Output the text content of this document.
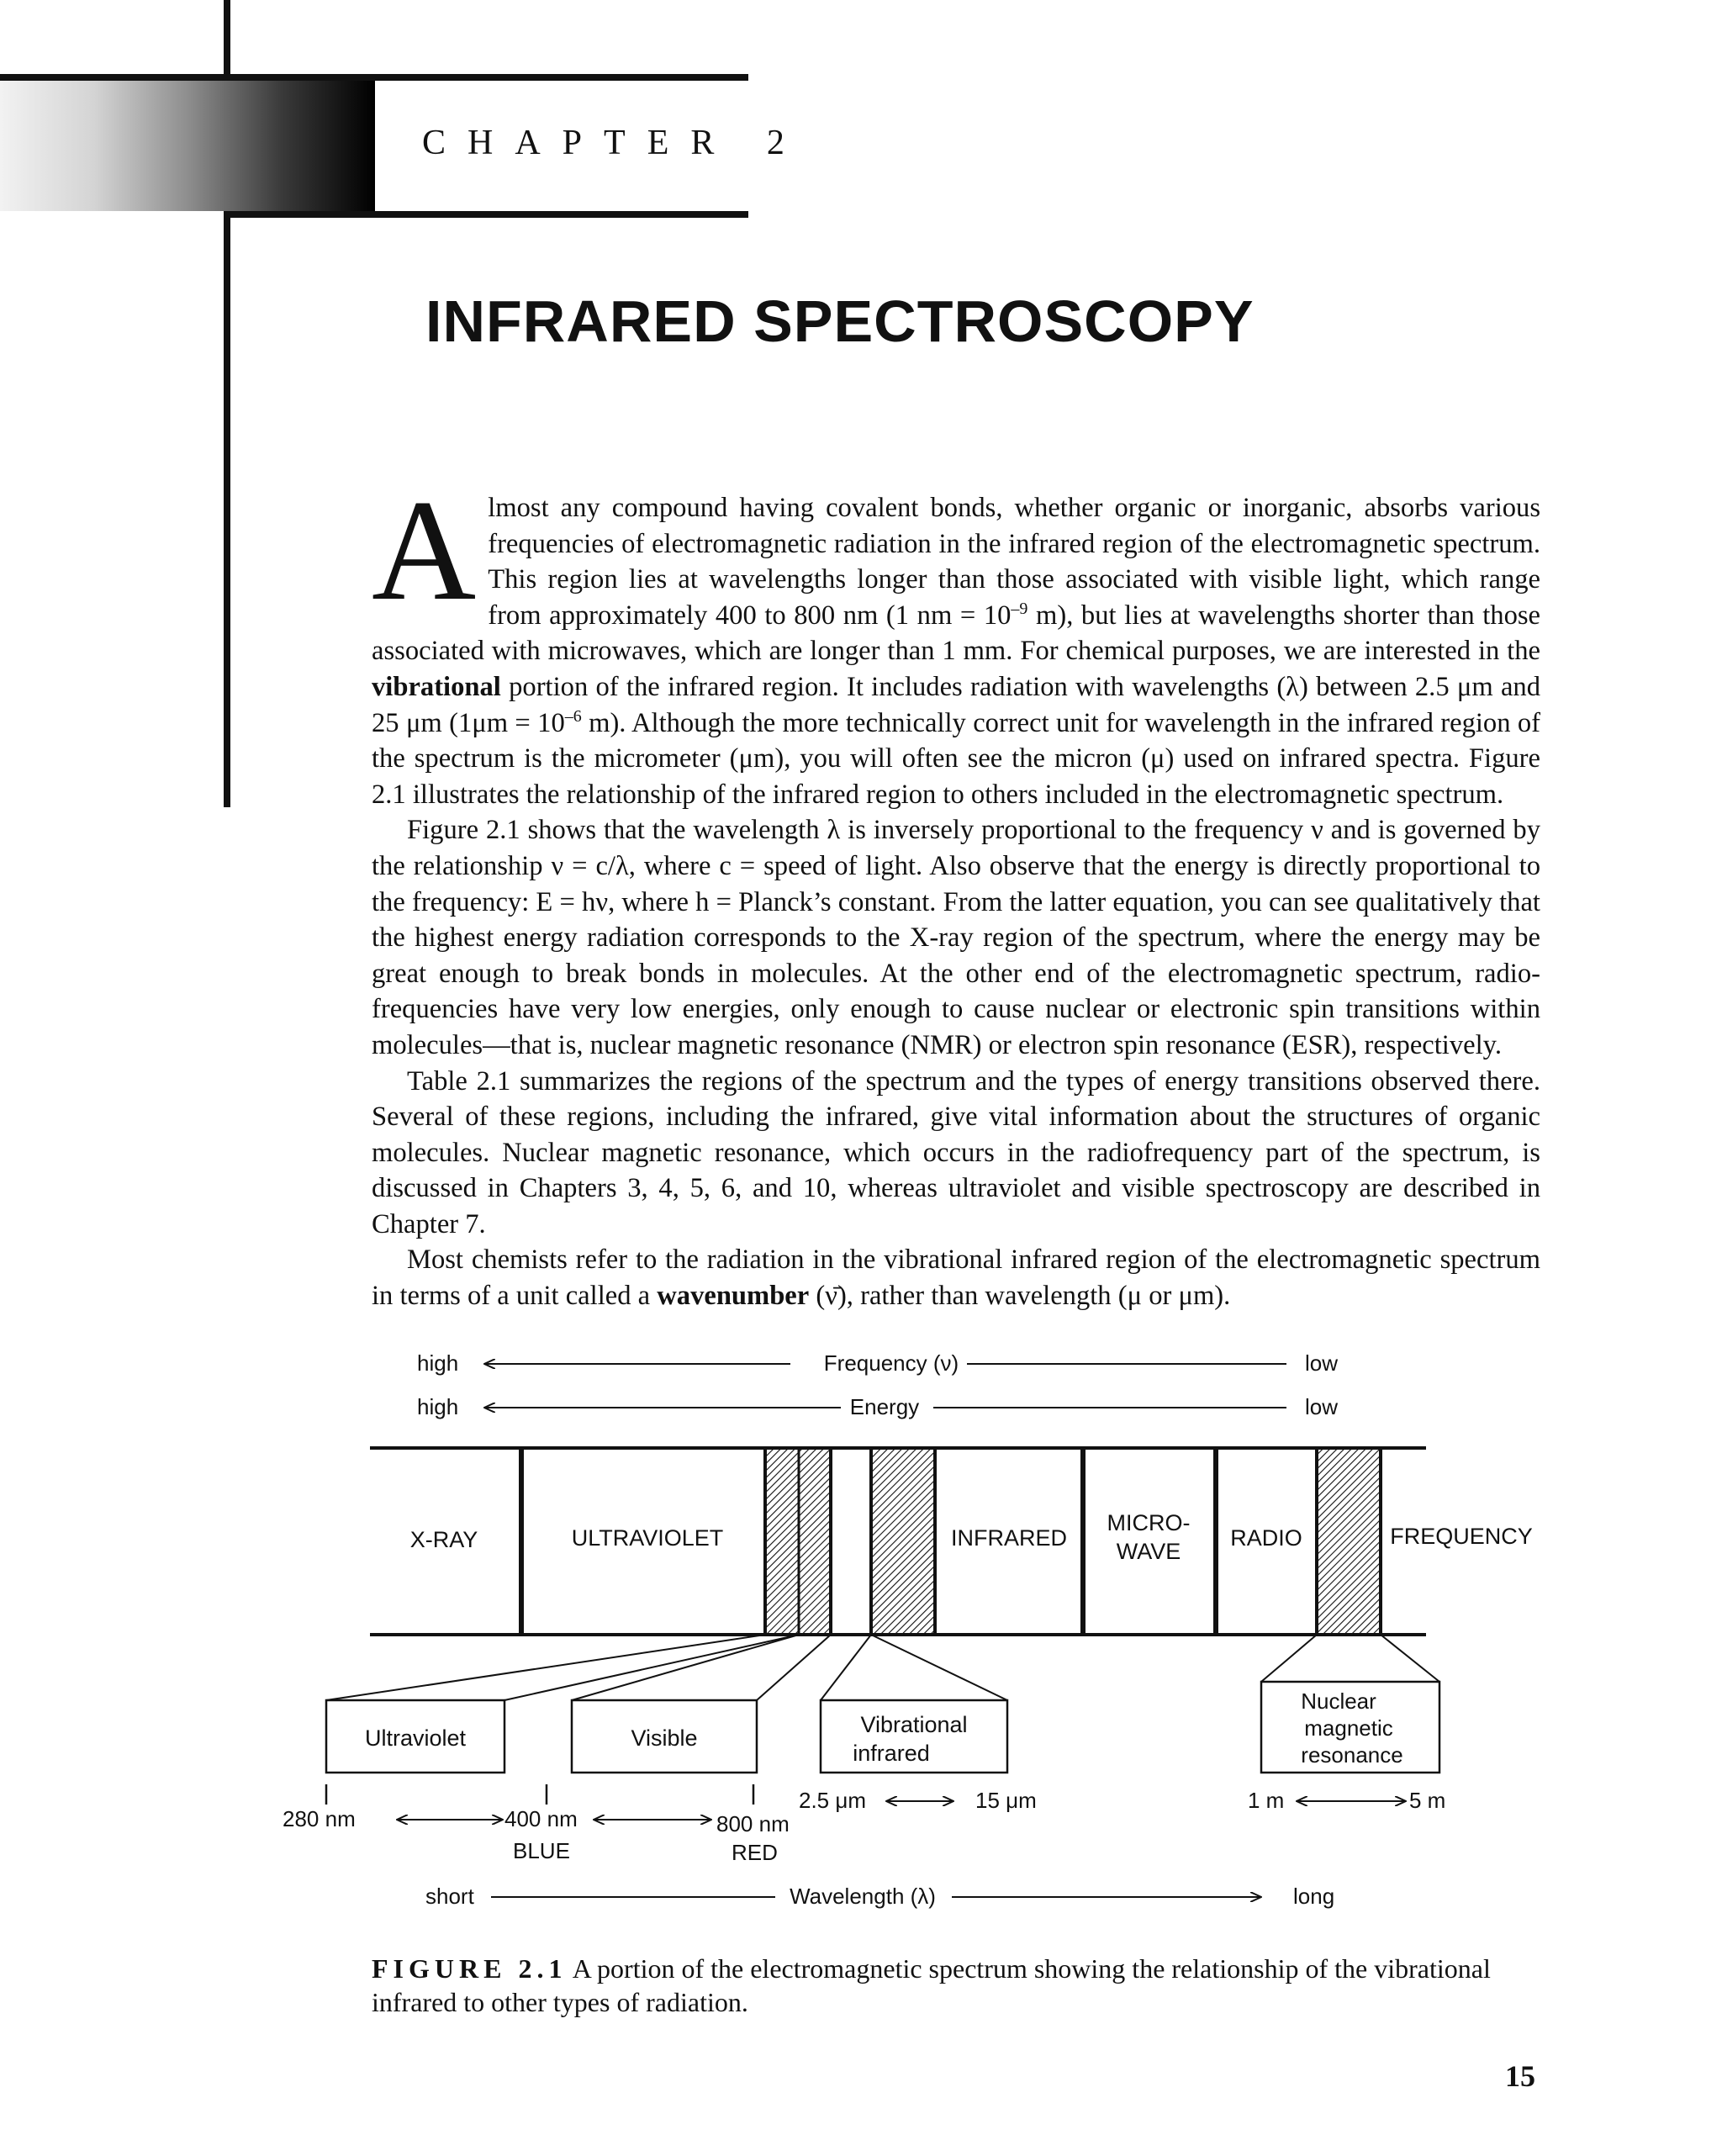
CHAPTER 2
INFRARED SPECTROSCOPY

Almost any compound having covalent bonds, whether organic or inorganic, absorbs various frequencies of electromagnetic radiation in the infrared region of the electromagnetic spectrum. This region lies at wavelengths longer than those associated with visible light, which range from approximately 400 to 800 nm (1 nm = $10^{-9}$ m), but lies at wavelengths shorter than those associated with microwaves, which are longer than 1 mm. For chemical purposes, we are interested in the vibrational portion of the infrared region. It includes radiation with wavelengths (λ) between 2.5 μm and 25 μm ($1\mu m = 10^{-6}$ m). Although the more technically correct unit for wavelength in the infrared region of the spectrum is the micrometer (μm), you will often see the micron (μ) used on infrared spectra. Figure 2.1 illustrates the relationship of the infrared region to others included in the electromagnetic spectrum.

Figure 2.1 shows that the wavelength λ is inversely proportional to the frequency ν and is governed by the relationship ν = c/λ, where c = speed of light. Also observe that the energy is directly proportional to the frequency: E = hν, where h = Planck’s constant. From the latter equation, you can see qualitatively that the highest energy radiation corresponds to the X-ray region of the spectrum, where the energy may be great enough to break bonds in molecules. At the other end of the electromagnetic spectrum, radio-frequencies have very low energies, only enough to cause nuclear or electronic spin transitions within molecules—that is, nuclear magnetic resonance (NMR) or electron spin resonance (ESR), respectively.

Table 2.1 summarizes the regions of the spectrum and the types of energy transitions observed there. Several of these regions, including the infrared, give vital information about the structures of organic molecules. Nuclear magnetic resonance, which occurs in the radiofrequency part of the spectrum, is discussed in Chapters 3, 4, 5, 6, and 10, whereas ultraviolet and visible spectroscopy are described in Chapter 7.

Most chemists refer to the radiation in the vibrational infrared region of the electromagnetic spectrum in terms of a unit called a wavenumber (ν̄), rather than wavelength (μ or μm).

high	Frequency (ν)	low
high	Energy	low
X-RAY	ULTRAVIOLET	INFRARED
MICRO-
WAVE
RADIO	FREQUENCY
Ultraviolet	Visible
Vibrational
infrared
Nuclear
magnetic
resonance
280 nm	400 nm	800 nm
BLUE	RED
2.5 μm	15 μm	1 m	5 m
short	Wavelength (λ)	long
FIGURE 2.1 A portion of the electromagnetic spectrum showing the relationship of the vibrational infrared to other types of radiation.
15
